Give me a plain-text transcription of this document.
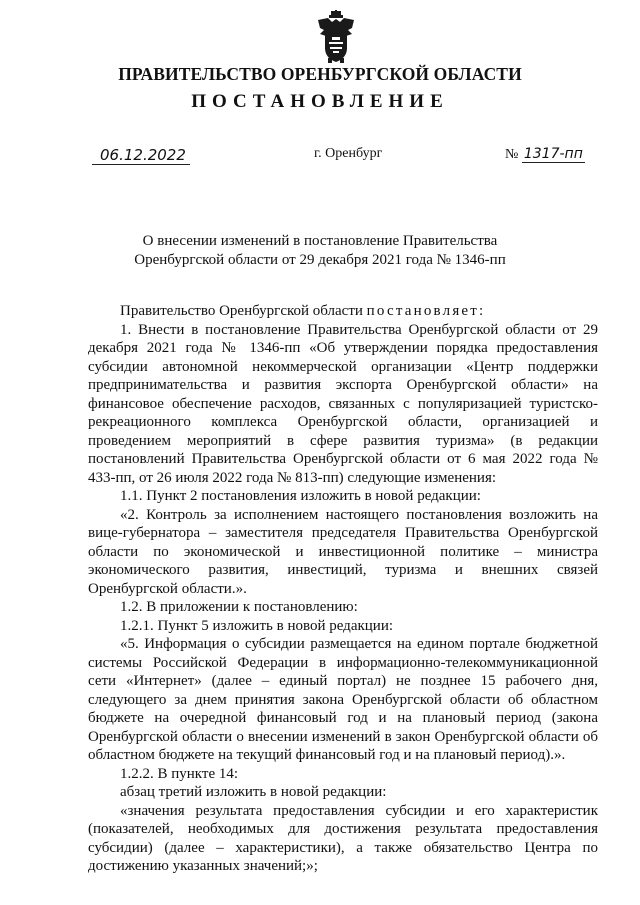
ПРАВИТЕЛЬСТВО ОРЕНБУРГСКОЙ ОБЛАСТИ
ПОСТАНОВЛЕНИЕ
06.12.2022	г. Оренбург	№ 1317-пп
О внесении изменений в постановление Правительства
Оренбургской области от 29 декабря 2021 года № 1346-пп

Правительство Оренбургской области постановляет:

1. Внести в постановление Правительства Оренбургской области от 29 декабря 2021 года № 1346-пп «Об утверждении порядка предоставления субсидии автономной некоммерческой организации «Центр поддержки предпринимательства и развития экспорта Оренбургской области» на финансовое обеспечение расходов, связанных с популяризацией туристско-рекреационного комплекса Оренбургской области, организацией и проведением мероприятий в сфере развития туризма» (в редакции постановлений Правительства Оренбургской области от 6 мая 2022 года № 433-пп, от 26 июля 2022 года № 813-пп) следующие изменения:

1.1. Пункт 2 постановления изложить в новой редакции:

«2. Контроль за исполнением настоящего постановления возложить на вице-губернатора – заместителя председателя Правительства Оренбургской области по экономической и инвестиционной политике – министра экономического развития, инвестиций, туризма и внешних связей Оренбургской области.».

1.2. В приложении к постановлению:

1.2.1. Пункт 5 изложить в новой редакции:

«5. Информация о субсидии размещается на едином портале бюджетной системы Российской Федерации в информационно-телекоммуникационной сети «Интернет» (далее – единый портал) не позднее 15 рабочего дня, следующего за днем принятия закона Оренбургской области об областном бюджете на очередной финансовый год и на плановый период (закона Оренбургской области о внесении изменений в закон Оренбургской области об областном бюджете на текущий финансовый год и на плановый период).».

1.2.2. В пункте 14:

абзац третий изложить в новой редакции:

«значения результата предоставления субсидии и его характеристик (показателей, необходимых для достижения результата предоставления субсидии) (далее – характеристики), а также обязательство Центра по достижению указанных значений;»;
